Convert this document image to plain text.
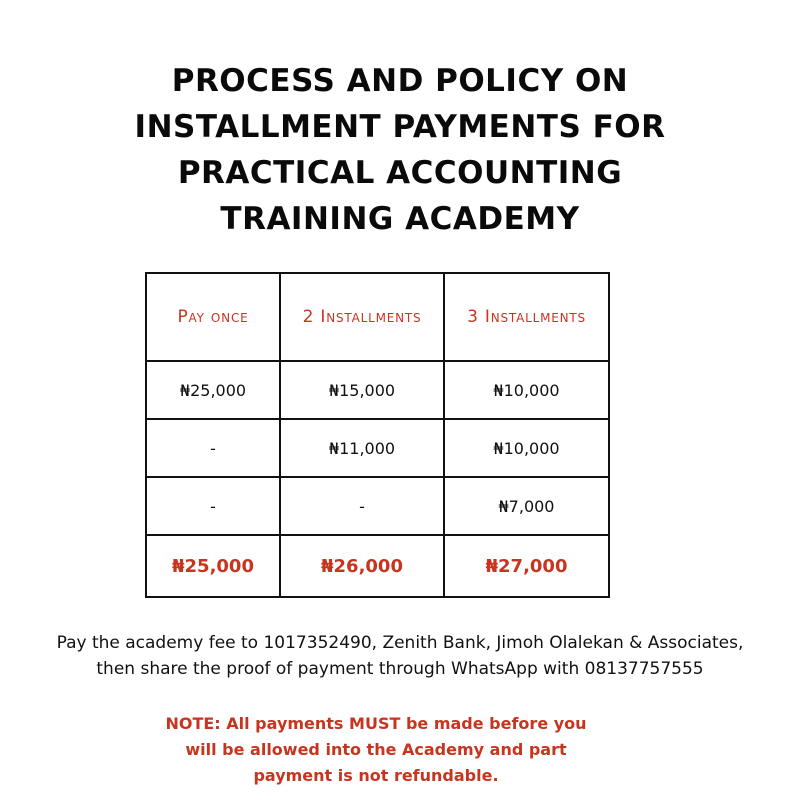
PROCESS AND POLICY ON
INSTALLMENT PAYMENTS FOR
PRACTICAL ACCOUNTING
TRAINING ACADEMY
Pay once	2 Installments	3 Installments
₦25,000	₦15,000	₦10,000
-	₦11,000	₦10,000
-	-	₦7,000
₦25,000	₦26,000	₦27,000

Pay the academy fee to 1017352490, Zenith Bank, Jimoh Olalekan & Associates,
then share the proof of payment through WhatsApp with 08137757555

NOTE: All payments MUST be made before you
will be allowed into the Academy and part
payment is not refundable.
